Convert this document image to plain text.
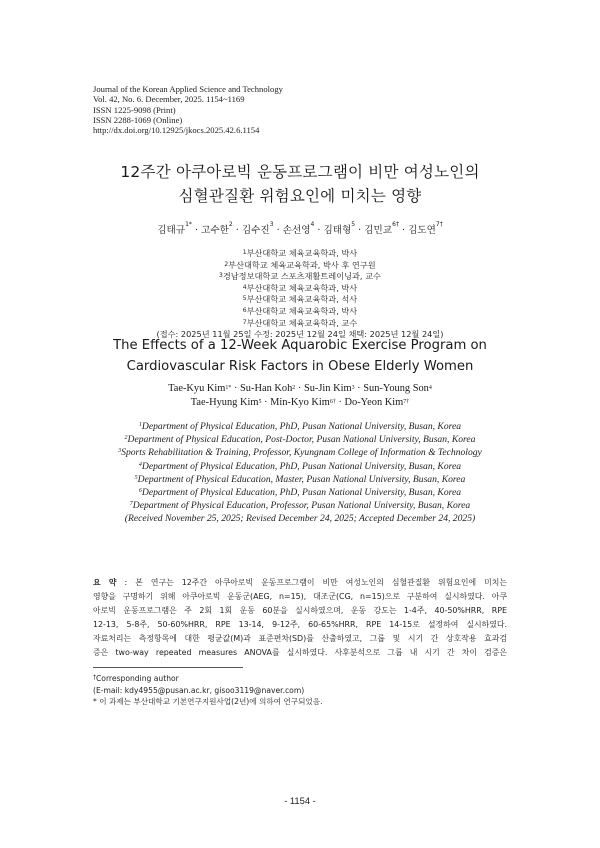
Journal of the Korean Applied Science and Technology
Vol. 42, No. 6. December, 2025. 1154~1169
ISSN 1225-9098 (Print)
ISSN 2288-1069 (Online)
http://dx.doi.org/10.12925/jkocs.2025.42.6.1154
12주간 아쿠아로빅 운동프로그램이 비만 여성노인의
심혈관질환 위험요인에 미치는 영향
김태규$^{1*}$ · 고수한$^2$ · 김수진$^3$ · 손선영$^4$ · 김태형$^5$ · 김민교$^{6\dagger}$ · 김도연$^{7\dagger}$
$^1$부산대학교 체육교육학과, 박사
$^2$부산대학교 체육교육학과, 박사 후 연구원
$^3$경남정보대학교 스포츠재활트레이닝과, 교수
$^4$부산대학교 체육교육학과, 박사
$^5$부산대학교 체육교육학과, 석사
$^6$부산대학교 체육교육학과, 박사
$^7$부산대학교 체육교육학과, 교수
(접수: 2025년 11월 25일 수정: 2025년 12월 24일 채택: 2025년 12월 24일)
The Effects of a 12-Week Aquarobic Exercise Program on
Cardiovascular Risk Factors in Obese Elderly Women
Tae-Kyu Kim$^{1*}$ · Su-Han Koh$^2$ · Su-Jin Kim$^3$ · Sun-Young Son$^4$
Tae-Hyung Kim$^5$ · Min-Kyo Kim$^{6\dagger}$ · Do-Yeon Kim$^{7\dagger}$
$^1$Department of Physical Education, PhD, Pusan National University, Busan, Korea
$^2$Department of Physical Education, Post-Doctor, Pusan National University, Busan, Korea
$^3$Sports Rehabilitation & Training, Professor, Kyungnam College of Information & Technology
$^4$Department of Physical Education, PhD, Pusan National University, Busan, Korea
$^5$Department of Physical Education, Master, Pusan National University, Busan, Korea
$^6$Department of Physical Education, PhD, Pusan National University, Busan, Korea
$^7$Department of Physical Education, Professor, Pusan National University, Busan, Korea
(Received November 25, 2025; Revised December 24, 2025; Accepted December 24, 2025)
요 약 : 본 연구는 12주간 아쿠아로빅 운동프로그램이 비만 여성노인의 심혈관질환 위험요인에 미치는
영향을 구명하기 위해 아쿠아로빅 운동군(AEG, n=15), 대조군(CG, n=15)으로 구분하여 실시하였다. 아쿠
아로빅 운동프로그램은 주 2회 1회 운동 60분을 실시하였으며, 운동 강도는 1-4주, 40-50%HRR, RPE
12-13, 5-8주, 50-60%HRR, RPE 13-14, 9-12주, 60-65%HRR, RPE 14-15로 설정하여 실시하였다.
자료처리는 측정항목에 대한 평균값(M)과 표준편차(SD)를 산출하였고, 그룹 및 시기 간 상호작용 효과검
증은 two-way repeated measures ANOVA를 실시하였다. 사후분석으로 그룹 내 시기 간 차이 검증은
†Corresponding author
(E-mail: kdy4955@pusan.ac.kr, gisoo3119@naver.com)
* 이 과제는 부산대학교 기본연구지원사업(2년)에 의하여 연구되었음.
- 1154 -
